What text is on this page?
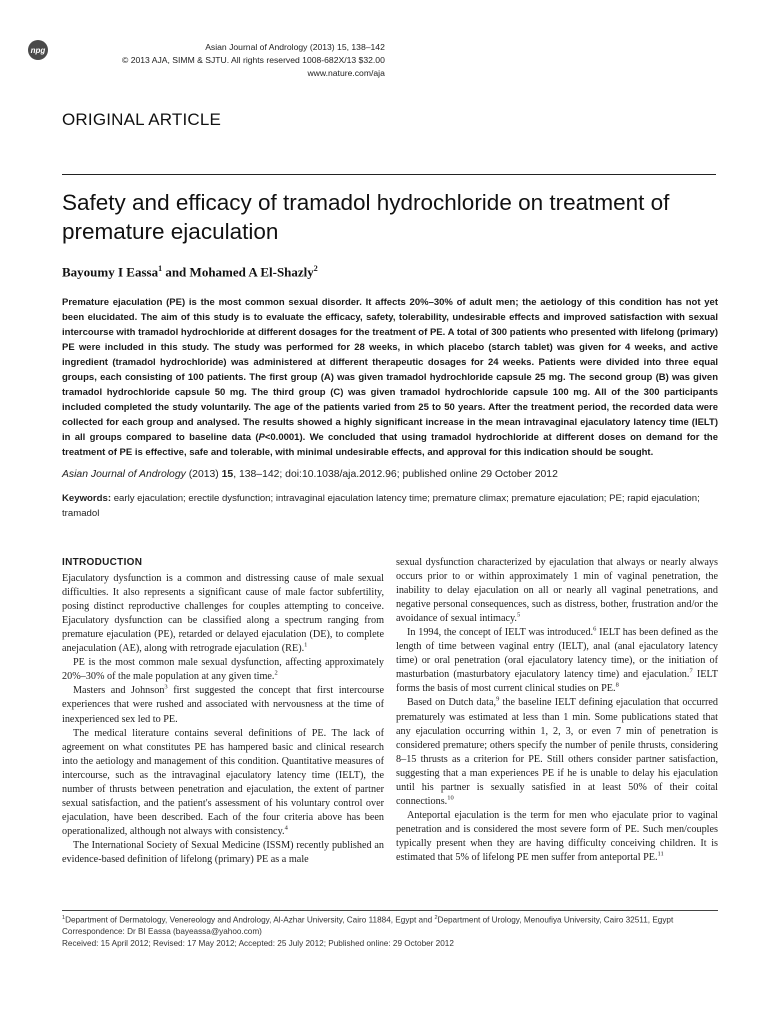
npg	Asian Journal of Andrology (2013) 15, 138–142
© 2013 AJA, SIMM & SJTU. All rights reserved 1008-682X/13 $32.00
www.nature.com/aja
ORIGINAL ARTICLE
Safety and efficacy of tramadol hydrochloride on treatment of premature ejaculation
Bayoumy I Eassa$^1$ and Mohamed A El-Shazly$^2$

Premature ejaculation (PE) is the most common sexual disorder. It affects 20%–30% of adult men; the aetiology of this condition has not yet been elucidated. The aim of this study is to evaluate the efficacy, safety, tolerability, undesirable effects and improved satisfaction with sexual intercourse with tramadol hydrochloride at different dosages for the treatment of PE. A total of 300 patients who presented with lifelong (primary) PE were included in this study. The study was performed for 28 weeks, in which placebo (starch tablet) was given for 4 weeks, and active ingredient (tramadol hydrochloride) was administered at different therapeutic dosages for 24 weeks. Patients were divided into three equal groups, each consisting of 100 patients. The first group (A) was given tramadol hydrochloride capsule 25 mg. The second group (B) was given tramadol hydrochloride capsule 50 mg. The third group (C) was given tramadol hydrochloride capsule 100 mg. All of the 300 participants included completed the study voluntarily. The age of the patients varied from 25 to 50 years. After the treatment period, the recorded data were collected for each group and analysed. The results showed a highly significant increase in the mean intravaginal ejaculatory latency time (IELT) in all groups compared to baseline data (P<0.0001). We concluded that using tramadol hydrochloride at different doses on demand for the treatment of PE is effective, safe and tolerable, with minimal undesirable effects, and approval for this indication should be sought.

Asian Journal of Andrology (2013) 15, 138–142; doi:10.1038/aja.2012.96; published online 29 October 2012
Keywords: early ejaculation; erectile dysfunction; intravaginal ejaculation latency time; premature climax; premature ejaculation; PE; rapid ejaculation; tramadol
INTRODUCTION

Ejaculatory dysfunction is a common and distressing cause of male sexual difficulties. It also represents a significant cause of male factor subfertility, posing distinct reproductive challenges for couples attempting to conceive. Ejaculatory dysfunction can be classified along a spectrum ranging from premature ejaculation (PE), retarded or delayed ejaculation (DE), to complete anejaculation (AE), along with retrograde ejaculation (RE).$^1$

PE is the most common male sexual dysfunction, affecting approximately 20%–30% of the male population at any given time.$^2$

Masters and Johnson$^3$ first suggested the concept that first intercourse experiences that were rushed and associated with nervousness at the time of inexperienced sex led to PE.

The medical literature contains several definitions of PE. The lack of agreement on what constitutes PE has hampered basic and clinical research into the aetiology and management of this condition. Quantitative measures of intercourse, such as the intravaginal ejaculatory latency time (IELT), the number of thrusts between penetration and ejaculation, the extent of partner sexual satisfaction, and the patient's assessment of his voluntary control over ejaculation, have been described. Each of the four criteria above has been operationalized, although not always with consistency.$^4$

The International Society of Sexual Medicine (ISSM) recently published an evidence-based definition of lifelong (primary) PE as a male

sexual dysfunction characterized by ejaculation that always or nearly always occurs prior to or within approximately 1 min of vaginal penetration, the inability to delay ejaculation on all or nearly all vaginal penetrations, and negative personal consequences, such as distress, bother, frustration and/or the avoidance of sexual intimacy.$^5$

In 1994, the concept of IELT was introduced.$^6$ IELT has been defined as the length of time between vaginal entry (IELT), anal (anal ejaculatory latency time) or oral penetration (oral ejaculatory latency time), or the initiation of masturbation (masturbatory ejaculatory latency time) and ejaculation.$^7$ IELT forms the basis of most current clinical studies on PE.$^8$

Based on Dutch data,$^9$ the baseline IELT defining ejaculation that occurred prematurely was estimated at less than 1 min. Some publications stated that any ejaculation occurring within 1, 2, 3, or even 7 min of penetration is considered premature; others specify the number of penile thrusts, considering 8–15 thrusts as a criterion for PE. Still others consider partner satisfaction, suggesting that a man experiences PE if he is unable to delay his ejaculation until his partner is sexually satisfied in at least 50% of their coital connections.$^{10}$

Anteportal ejaculation is the term for men who ejaculate prior to vaginal penetration and is considered the most severe form of PE. Such men/couples typically present when they are having difficulty conceiving children. It is estimated that 5% of lifelong PE men suffer from anteportal PE.$^{11}$

$^1$Department of Dermatology, Venereology and Andrology, Al-Azhar University, Cairo 11884, Egypt and $^2$Department of Urology, Menoufiya University, Cairo 32511, Egypt
Correspondence: Dr BI Eassa (bayeassa@yahoo.com)
Received: 15 April 2012; Revised: 17 May 2012; Accepted: 25 July 2012; Published online: 29 October 2012
